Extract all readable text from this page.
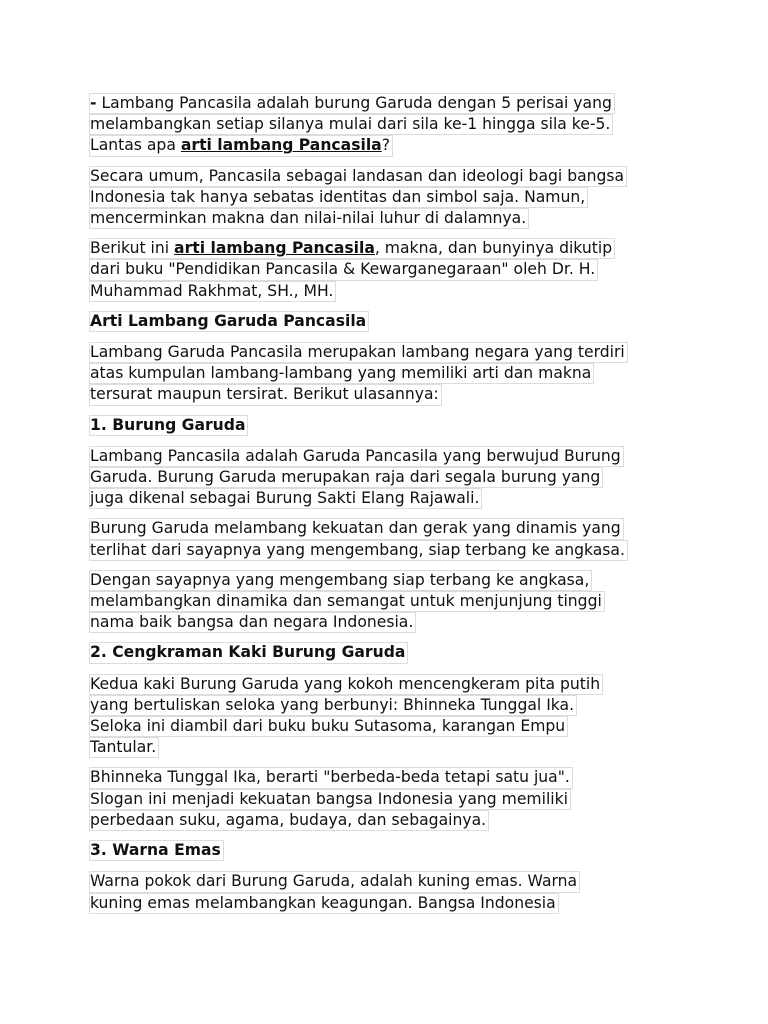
- Lambang Pancasila adalah burung Garuda dengan 5 perisai yang
melambangkan setiap silanya mulai dari sila ke-1 hingga sila ke-5.
Lantas apa arti lambang Pancasila?

Secara umum, Pancasila sebagai landasan dan ideologi bagi bangsa
Indonesia tak hanya sebatas identitas dan simbol saja. Namun,
mencerminkan makna dan nilai-nilai luhur di dalamnya.

Berikut ini arti lambang Pancasila, makna, dan bunyinya dikutip
dari buku "Pendidikan Pancasila & Kewarganegaraan" oleh Dr. H.
Muhammad Rakhmat, SH., MH.

Arti Lambang Garuda Pancasila

Lambang Garuda Pancasila merupakan lambang negara yang terdiri
atas kumpulan lambang-lambang yang memiliki arti dan makna
tersurat maupun tersirat. Berikut ulasannya:

1. Burung Garuda

Lambang Pancasila adalah Garuda Pancasila yang berwujud Burung
Garuda. Burung Garuda merupakan raja dari segala burung yang
juga dikenal sebagai Burung Sakti Elang Rajawali.

Burung Garuda melambang kekuatan dan gerak yang dinamis yang
terlihat dari sayapnya yang mengembang, siap terbang ke angkasa.

Dengan sayapnya yang mengembang siap terbang ke angkasa,
melambangkan dinamika dan semangat untuk menjunjung tinggi
nama baik bangsa dan negara Indonesia.

2. Cengkraman Kaki Burung Garuda

Kedua kaki Burung Garuda yang kokoh mencengkeram pita putih
yang bertuliskan seloka yang berbunyi: Bhinneka Tunggal Ika.
Seloka ini diambil dari buku buku Sutasoma, karangan Empu
Tantular.

Bhinneka Tunggal Ika, berarti "berbeda-beda tetapi satu jua".
Slogan ini menjadi kekuatan bangsa Indonesia yang memiliki
perbedaan suku, agama, budaya, dan sebagainya.

3. Warna Emas

Warna pokok dari Burung Garuda, adalah kuning emas. Warna
kuning emas melambangkan keagungan. Bangsa Indonesia
